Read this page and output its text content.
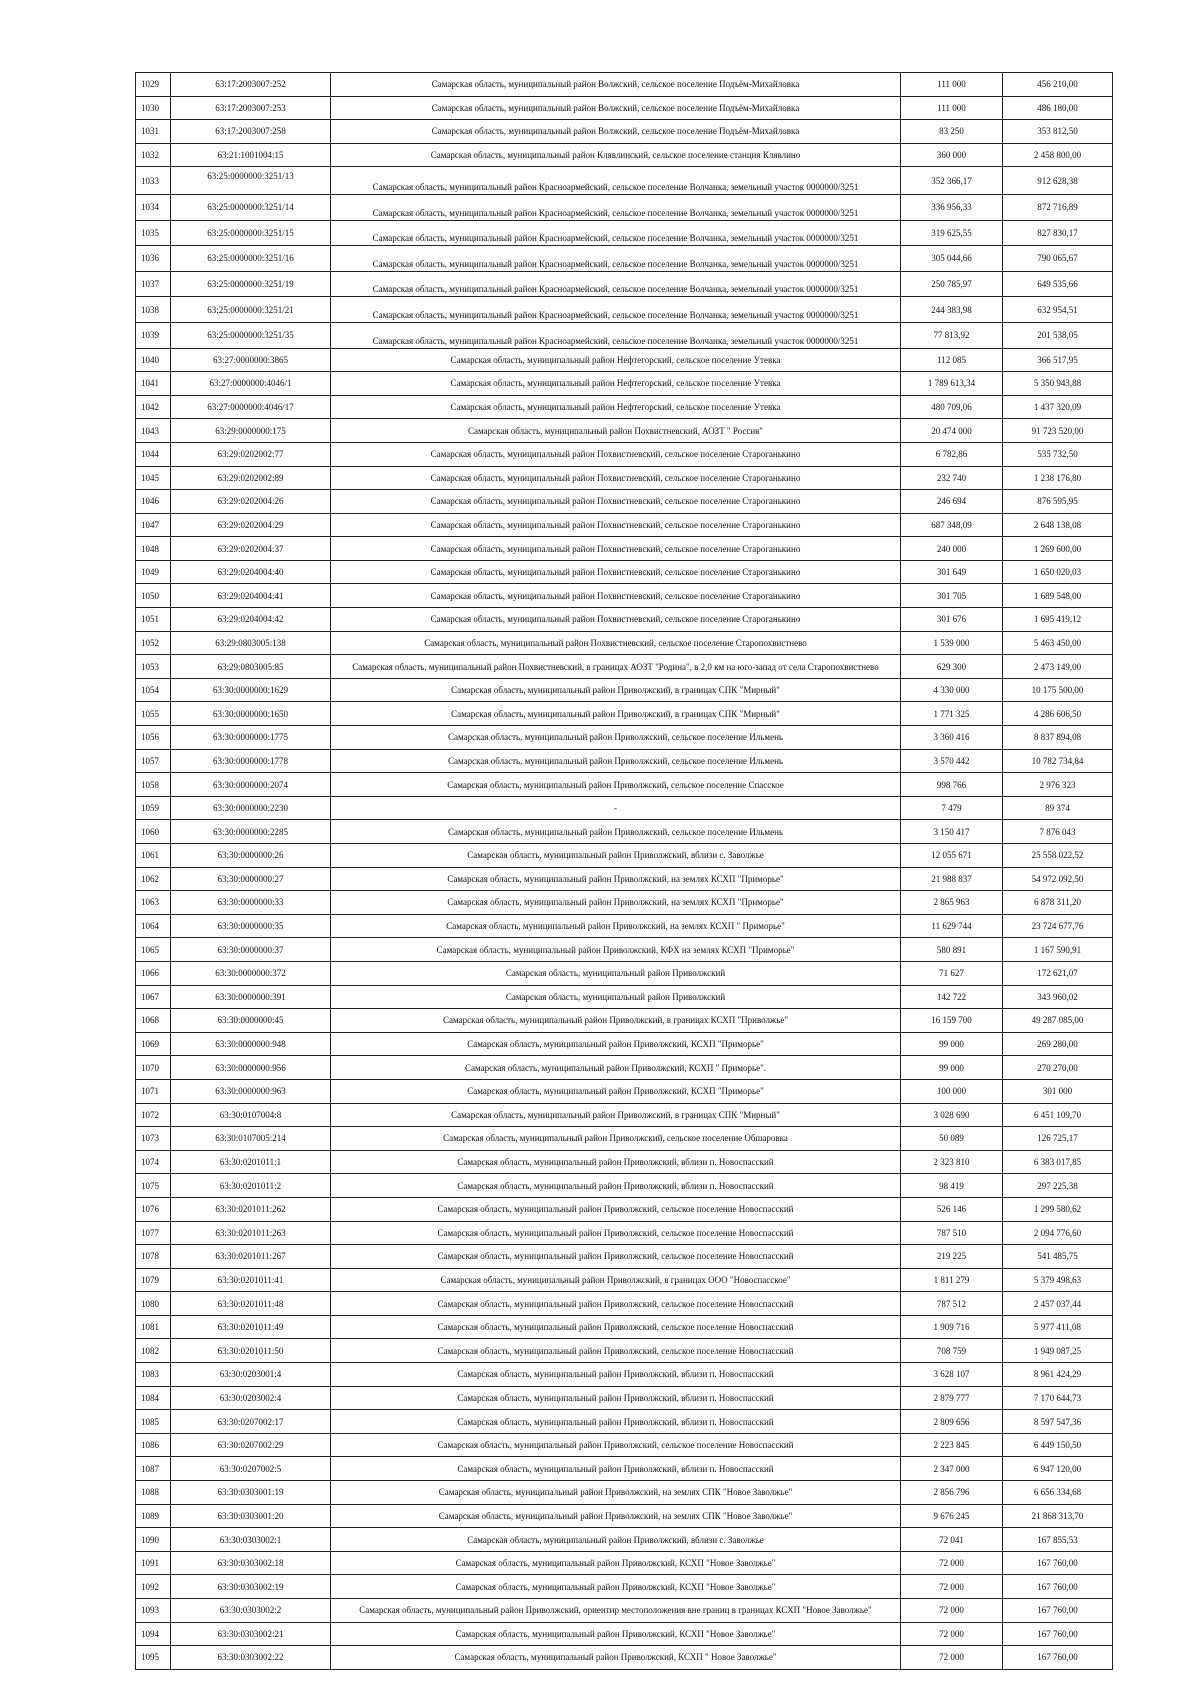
1029	63:17:2003007:252	Самарская область, муниципальный район Волжский, сельское поселение Подъём-Михайловка	111 000	456 210,00
1030	63:17:2003007:253	Самарская область, муниципальный район Волжский, сельское поселение Подъём-Михайловка	111 000	486 180,00
1031	63:17:2003007:258	Самарская область, муниципальный район Волжский, сельское поселение Подъём-Михайловка	83 250	353 812,50
1032	63:21:1001004:15	Самарская область, муниципальный район Клявлинский, сельское поселение станция Клявлино	360 000	2 458 800,00
1033	63:25:0000000:3251/13	Самарская область, муниципальный район Красноармейский, сельское поселение Волчанка, земельный участок 0000000/3251	352 366,17	912 628,38
1034	63:25:0000000:3251/14	Самарская область, муниципальный район Красноармейский, сельское поселение Волчанка, земельный участок 0000000/3251	336 956,33	872 716,89
1035	63:25:0000000:3251/15	Самарская область, муниципальный район Красноармейский, сельское поселение Волчанка, земельный участок 0000000/3251	319 625,55	827 830,17
1036	63:25:0000000:3251/16	Самарская область, муниципальный район Красноармейский, сельское поселение Волчанка, земельный участок 0000000/3251	305 044,66	790 065,67
1037	63:25:0000000:3251/19	Самарская область, муниципальный район Красноармейский, сельское поселение Волчанка, земельный участок 0000000/3251	250 785,97	649 535,66
1038	63:25:0000000:3251/21	Самарская область, муниципальный район Красноармейский, сельское поселение Волчанка, земельный участок 0000000/3251	244 383,98	632 954,51
1039	63:25:0000000:3251/35	Самарская область, муниципальный район Красноармейский, сельское поселение Волчанка, земельный участок 0000000/3251	77 813,92	201 538,05
1040	63:27:0000000:3865	Самарская область, муниципальный район Нефтегорский, сельское поселение Утевка	112 085	366 517,95
1041	63:27:0000000:4046/1	Самарская область, муниципальный район Нефтегорский, сельское поселение Утевка	1 789 613,34	5 350 943,88
1042	63:27:0000000:4046/17	Самарская область, муниципальный район Нефтегорский, сельское поселение Утевка	480 709,06	1 437 320,09
1043	63:29:0000000:175	Самарская область, муниципальный район Похвистневский, АОЗТ " Россия"	20 474 000	91 723 520,00
1044	63:29:0202002:77	Самарская область, муниципальный район Похвистневский, сельское поселение Староганькино	6 782,86	535 732,50
1045	63:29:0202002:89	Самарская область, муниципальный район Похвистневский, сельское поселение Староганькино	232 740	1 238 176,80
1046	63:29:0202004:26	Самарская область, муниципальный район Похвистневский, сельское поселение Староганькино	246 694	876 595,95
1047	63:29:0202004:29	Самарская область, муниципальный район Похвистневский, сельское поселение Староганькино	687 348,09	2 648 138,08
1048	63:29:0202004:37	Самарская область, муниципальный район Похвистневский, сельское поселение Староганькино	240 000	1 269 600,00
1049	63:29:0204004:40	Самарская область, муниципальный район Похвистневский, сельское поселение Староганькино	301 649	1 650 020,03
1050	63:29:0204004:41	Самарская область, муниципальный район Похвистневский, сельское поселение Староганькино	301 705	1 689 548,00
1051	63:29:0204004:42	Самарская область, муниципальный район Похвистневский, сельское поселение Староганькино	301 676	1 695 419,12
1052	63:29:0803005:138	Самарская область, муниципальный район Похвистневский, сельское поселение Старопохвистнево	1 539 000	5 463 450,00
1053	63:29:0803005:85	Самарская область, муниципальный район Похвистневский, в границах АОЗТ "Родина", в 2,0 км на юго-запад от села Старопохвистнево	629 300	2 473 149,00
1054	63:30:0000000:1629	Самарская область, муниципальный район Приволжский, в границах СПК "Мирный"	4 330 000	10 175 500,00
1055	63:30:0000000:1650	Самарская область, муниципальный район Приволжский, в границах СПК "Мирный"	1 771 325	4 286 606,50
1056	63:30:0000000:1775	Самарская область, муниципальный район Приволжский, сельское поселение Ильмень	3 360 416	8 837 894,08
1057	63:30:0000000:1778	Самарская область, муниципальный район Приволжский, сельское поселение Ильмень	3 570 442	10 782 734,84
1058	63:30:0000000:2074	Самарская область, муниципальный район Приволжский, сельское поселение Спасское	998 766	2 976 323
1059	63:30:0000000:2230	-	7 479	89 374
1060	63:30:0000000:2285	Самарская область, муниципальный район Приволжский, сельское поселение Ильмень	3 150 417	7 876 043
1061	63:30:0000000:26	Самарская область, муниципальный район Приволжский, вблизи с. Заволжье	12 055 671	25 558 022,52
1062	63:30:0000000:27	Самарская область, муниципальный район Приволжский, на землях КСХП "Приморье"	21 988 837	54 972 092,50
1063	63:30:0000000:33	Самарская область, муниципальный район Приволжский, на землях КСХП "Приморье"	2 865 963	6 878 311,20
1064	63:30:0000000:35	Самарская область, муниципальный район Приволжский, на землях КСХП " Приморье"	11 629 744	23 724 677,76
1065	63:30:0000000:37	Самарская область, муниципальный район Приволжский, КФХ на землях КСХП "Приморье"	580 891	1 167 590,91
1066	63:30:0000000:372	Самарская область, муниципальный район Приволжский	71 627	172 621,07
1067	63:30:0000000:391	Самарская область, муниципальный район Приволжский	142 722	343 960,02
1068	63:30:0000000:45	Самарская область, муниципальный район Приволжский, в границах КСХП "Приволжье"	16 159 700	49 287 085,00
1069	63:30:0000000:948	Самарская область, муниципальный район Приволжский, КСХП "Приморье"	99 000	269 280,00
1070	63:30:0000000:956	Самарская область, муниципальный район Приволжский, КСХП " Приморье".	99 000	270 270,00
1071	63:30:0000000:963	Самарская область, муниципальный район Приволжский, КСХП "Приморье"	100 000	301 000
1072	63:30:0107004:8	Самарская область, муниципальный район Приволжский, в границах СПК "Мирный"	3 028 690	6 451 109,70
1073	63:30:0107005:214	Самарская область, муниципальный район Приволжский, сельское поселение Обшаровка	50 089	126 725,17
1074	63:30:0201011:1	Самарская область, муниципальный район Приволжский, вблизи п. Новоспасский	2 323 810	6 383 017,85
1075	63:30:0201011:2	Самарская область, муниципальный район Приволжский, вблизи п. Новоспасский	98 419	297 225,38
1076	63:30:0201011:262	Самарская область, муниципальный район Приволжский, сельское поселение Новоспасский	526 146	1 299 580,62
1077	63:30:0201011:263	Самарская область, муниципальный район Приволжский, сельское поселение Новоспасский	787 510	2 094 776,60
1078	63:30:0201011:267	Самарская область, муниципальный район Приволжский, сельское поселение Новоспасский	219 225	541 485,75
1079	63:30:0201011:41	Самарская область, муниципальный район Приволжский, в границах ООО "Новоспасское"	1 811 279	5 379 498,63
1080	63:30:0201011:48	Самарская область, муниципальный район Приволжский, сельское поселение Новоспасский	787 512	2 457 037,44
1081	63:30:0201011:49	Самарская область, муниципальный район Приволжский, сельское поселение Новоспасский	1 909 716	5 977 411,08
1082	63:30:0201011:50	Самарская область, муниципальный район Приволжский, сельское поселение Новоспасский	708 759	1 949 087,25
1083	63:30:0203001:4	Самарская область, муниципальный район Приволжский, вблизи п. Новоспасский	3 628 107	8 961 424,29
1084	63:30:0203002:4	Самарская область, муниципальный район Приволжский, вблизи п. Новоспасский	2 879 777	7 170 644,73
1085	63:30:0207002:17	Самарская область, муниципальный район Приволжский, вблизи п. Новоспасский	2 809 656	8 597 547,36
1086	63:30:0207002:29	Самарская область, муниципальный район Приволжский, сельское поселение Новоспасский	2 223 845	6 449 150,50
1087	63:30:0207002:5	Самарская область, муниципальный район Приволжский, вблизи п. Новоспасский	2 347 000	6 947 120,00
1088	63:30:0303001:19	Самарская область, муниципальный район Приволжский, на землях СПК "Новое Заволжье"	2 856 796	6 656 334,68
1089	63:30:0303001:20	Самарская область, муниципальный район Приволжский, на землях СПК "Новое Заволжье"	9 676 245	21 868 313,70
1090	63:30:0303002:1	Самарская область, муниципальный район Приволжский, вблизи с. Заволжье	72 041	167 855,53
1091	63:30:0303002:18	Самарская область, муниципальный район Приволжский, КСХП "Новое Заволжье"	72 000	167 760,00
1092	63:30:0303002:19	Самарская область, муниципальный район Приволжский, КСХП "Новое Заволжье"	72 000	167 760,00
1093	63:30:0303002:2	Самарская область, муниципальный район Приволжский, ориентир местоположения вне границ в границах КСХП "Новое Заволжье"	72 000	167 760,00
1094	63:30:0303002:21	Самарская область, муниципальный район Приволжский, КСХП "Новое Заволжье"	72 000	167 760,00
1095	63:30:0303002:22	Самарская область, муниципальный район Приволжский, КСХП " Новое Заволжье"	72 000	167 760,00
